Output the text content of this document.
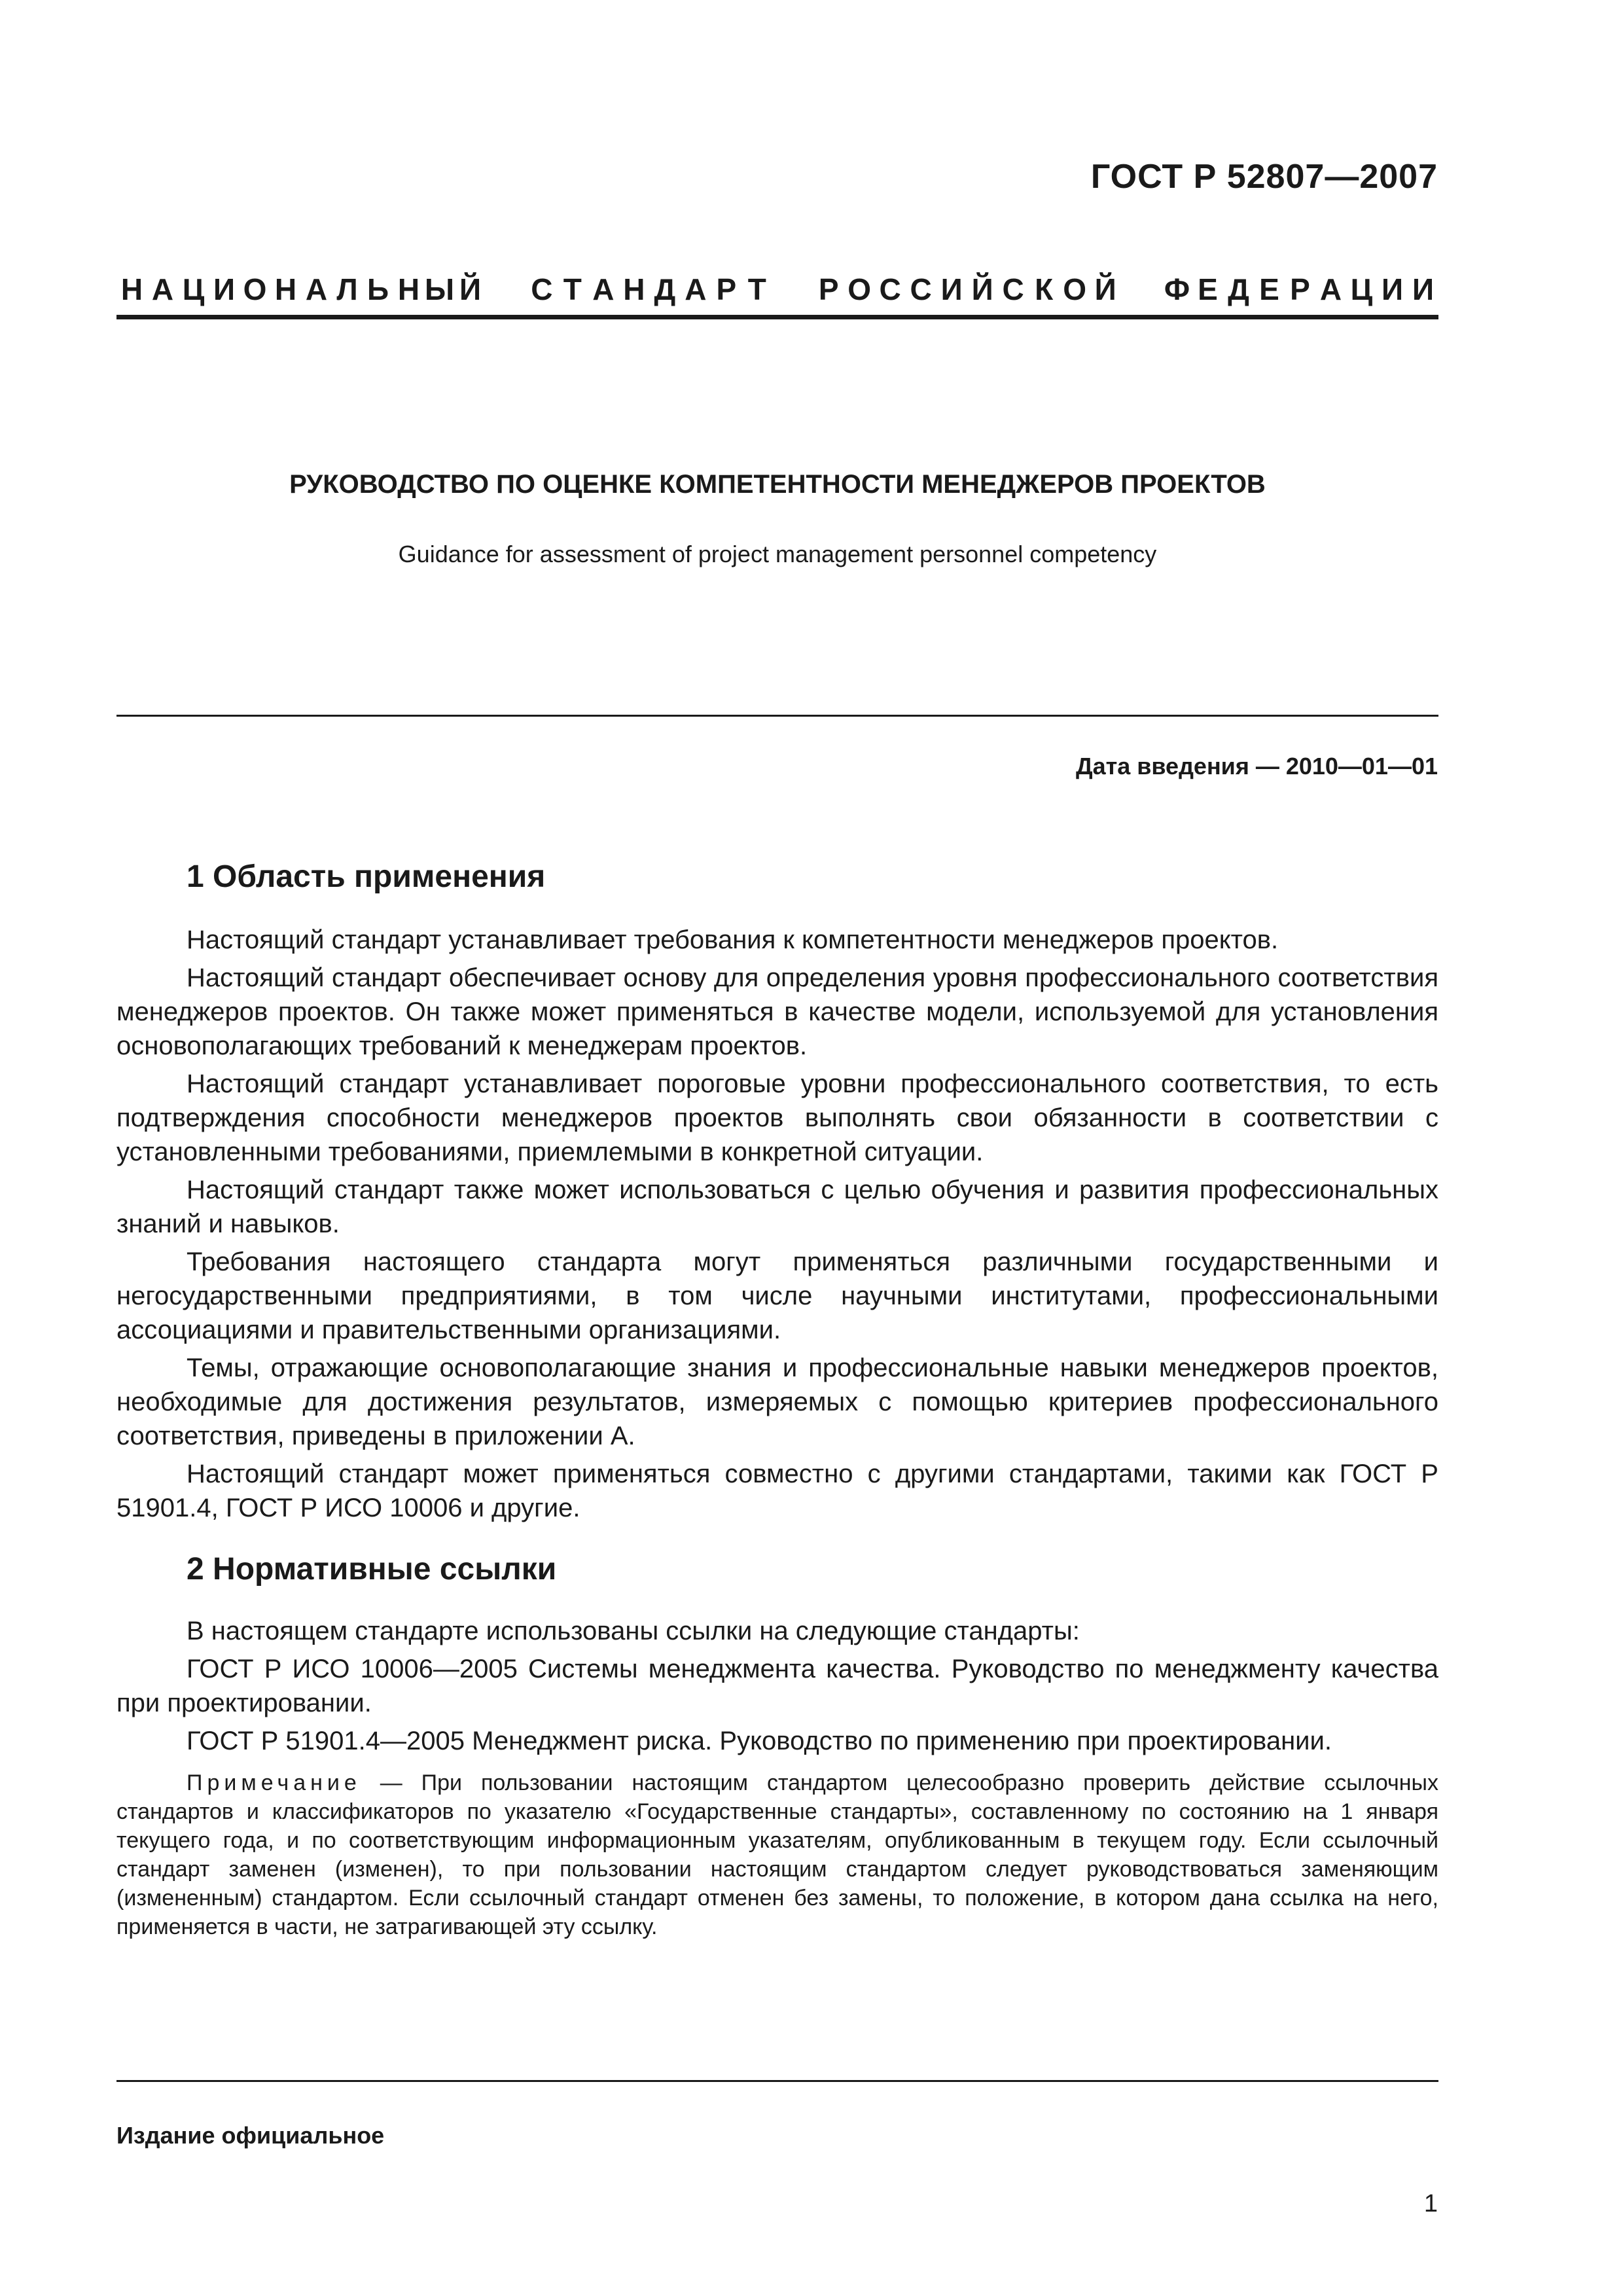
ГОСТ Р 52807—2007
Н А Ц И О Н А Л Ь Н Ы Й С Т А Н Д А Р Т Р О С С И Й С К О Й Ф Е Д Е Р А Ц И И
РУКОВОДСТВО ПО ОЦЕНКЕ КОМПЕТЕНТНОСТИ МЕНЕДЖЕРОВ ПРОЕКТОВ
Guidance for assessment of project management personnel competency
Дата введения — 2010—01—01
1 Область применения

Настоящий стандарт устанавливает требования к компетентности менеджеров проектов.

Настоящий стандарт обеспечивает основу для определения уровня профессионального соответствия менеджеров проектов. Он также может применяться в качестве модели, используемой для установления основополагающих требований к менеджерам проектов.

Настоящий стандарт устанавливает пороговые уровни профессионального соответствия, то есть подтверждения способности менеджеров проектов выполнять свои обязанности в соответствии с установленными требованиями, приемлемыми в конкретной ситуации.

Настоящий стандарт также может использоваться с целью обучения и развития профессиональных знаний и навыков.

Требования настоящего стандарта могут применяться различными государственными и негосударственными предприятиями, в том числе научными институтами, профессиональными ассоциациями и правительственными организациями.

Темы, отражающие основополагающие знания и профессиональные навыки менеджеров проектов, необходимые для достижения результатов, измеряемых с помощью критериев профессионального соответствия, приведены в приложении А.

Настоящий стандарт может применяться совместно с другими стандартами, такими как ГОСТ Р 51901.4, ГОСТ Р ИСО 10006 и другие.

2 Нормативные ссылки

В настоящем стандарте использованы ссылки на следующие стандарты:

ГОСТ Р ИСО 10006—2005 Системы менеджмента качества. Руководство по менеджменту качества при проектировании.

ГОСТ Р 51901.4—2005 Менеджмент риска. Руководство по применению при проектировании.

Примечание — При пользовании настоящим стандартом целесообразно проверить действие ссылочных стандартов и классификаторов по указателю «Государственные стандарты», составленному по состоянию на 1 января текущего года, и по соответствующим информационным указателям, опубликованным в текущем году. Если ссылочный стандарт заменен (изменен), то при пользовании настоящим стандартом следует руководствоваться заменяющим (измененным) стандартом. Если ссылочный стандарт отменен без замены, то положение, в котором дана ссылка на него, применяется в части, не затрагивающей эту ссылку.

Издание официальное
1
